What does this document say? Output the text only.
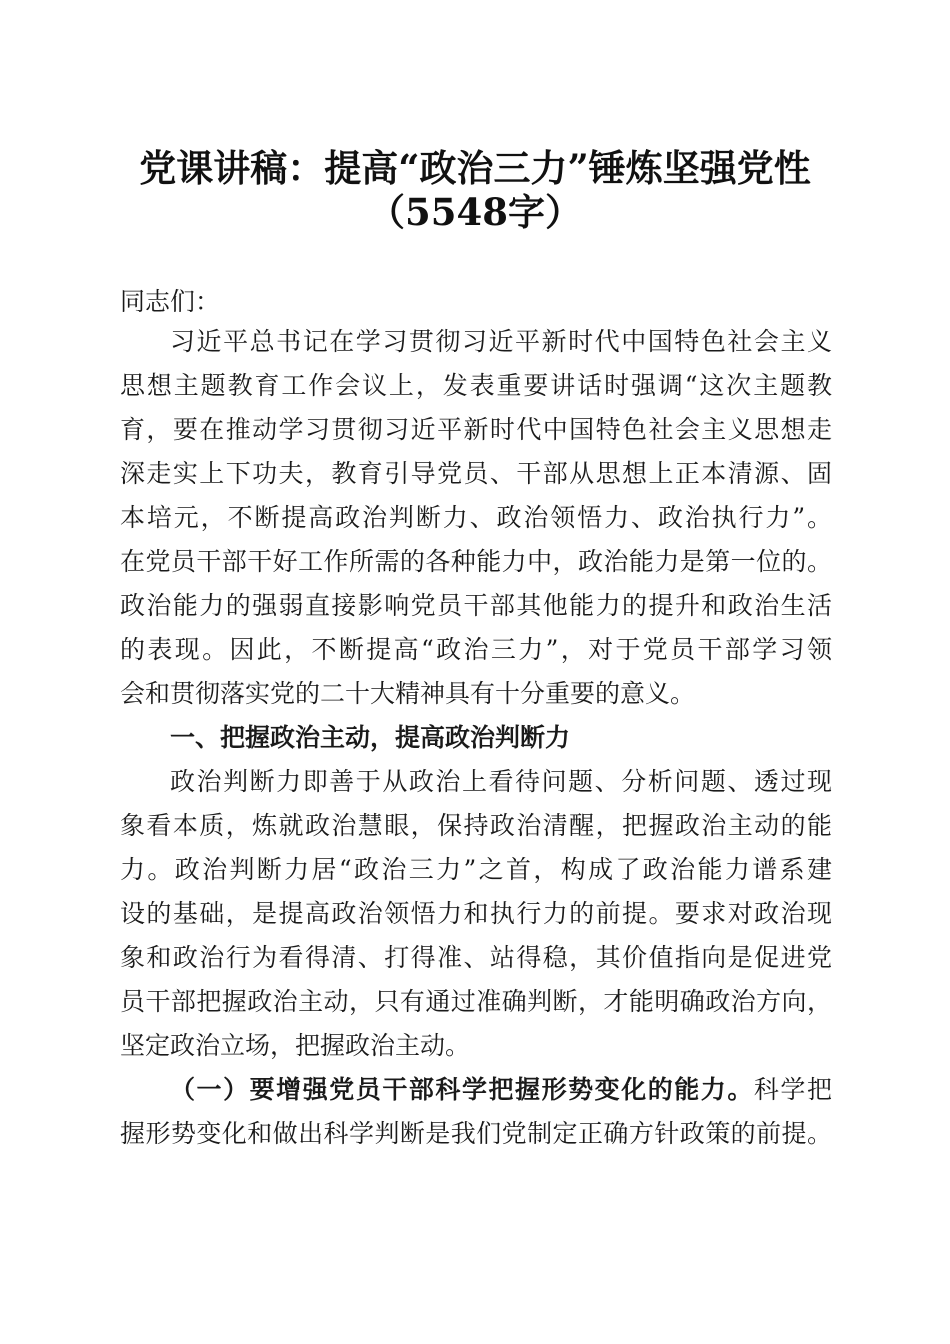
党课讲稿：提高“政治三力”锤炼坚强党性
（5548字）

同志们：

习近平总书记在学习贯彻习近平新时代中国特色社会主义

思想主题教育工作会议上，发表重要讲话时强调“这次主题教

育，要在推动学习贯彻习近平新时代中国特色社会主义思想走

深走实上下功夫，教育引导党员、干部从思想上正本清源、固

本培元，不断提高政治判断力、政治领悟力、政治执行力”。

在党员干部干好工作所需的各种能力中，政治能力是第一位的。

政治能力的强弱直接影响党员干部其他能力的提升和政治生活

的表现。因此，不断提高“政治三力”，对于党员干部学习领

会和贯彻落实党的二十大精神具有十分重要的意义。

一、把握政治主动，提高政治判断力

政治判断力即善于从政治上看待问题、分析问题、透过现

象看本质，炼就政治慧眼，保持政治清醒，把握政治主动的能

力。政治判断力居“政治三力”之首，构成了政治能力谱系建

设的基础，是提高政治领悟力和执行力的前提。要求对政治现

象和政治行为看得清、打得准、站得稳，其价值指向是促进党

员干部把握政治主动，只有通过准确判断，才能明确政治方向，

坚定政治立场，把握政治主动。

（一）要增强党员干部科学把握形势变化的能力。科学把

握形势变化和做出科学判断是我们党制定正确方针政策的前提。
